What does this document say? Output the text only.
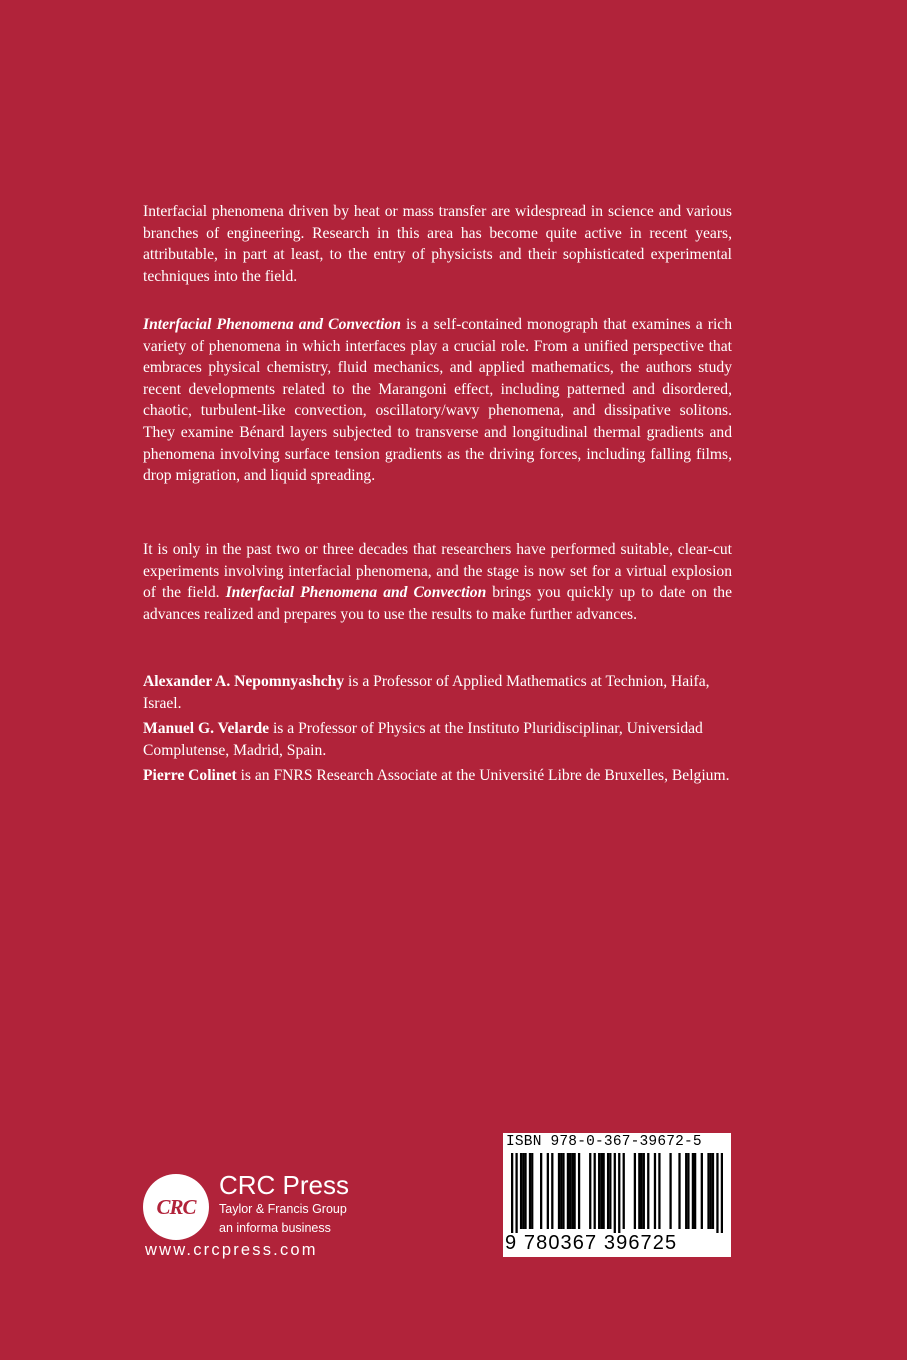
Interfacial phenomena driven by heat or mass transfer are widespread in science and various branches of engineering. Research in this area has become quite active in recent years, attributable, in part at least, to the entry of physicists and their sophisticated experimental techniques into the field.

Interfacial Phenomena and Convection is a self-contained monograph that examines a rich variety of phenomena in which interfaces play a crucial role. From a unified perspective that embraces physical chemistry, fluid mechanics, and applied mathematics, the authors study recent developments related to the Marangoni effect, including patterned and disordered, chaotic, turbulent-like convection, oscillatory/wavy phenomena, and dissipative solitons. They examine Bénard layers subjected to transverse and longitudinal thermal gradients and phenomena involving surface tension gradients as the driving forces, including falling films, drop migration, and liquid spreading.

It is only in the past two or three decades that researchers have performed suitable, clear-cut experiments involving interfacial phenomena, and the stage is now set for a virtual explosion of the field. Interfacial Phenomena and Convection brings you quickly up to date on the advances realized and prepares you to use the results to make further advances.

Alexander A. Nepomnyashchy is a Professor of Applied Mathematics at Technion, Haifa, Israel.

Manuel G. Velarde is a Professor of Physics at the Instituto Pluridisciplinar, Universidad Complutense, Madrid, Spain.

Pierre Colinet is an FNRS Research Associate at the Université Libre de Bruxelles, Belgium.

CRC
CRC Press
Taylor & Francis Group
an informa business
www.crcpress.com
ISBN 978-0-367-39672-5
9 780367 396725
